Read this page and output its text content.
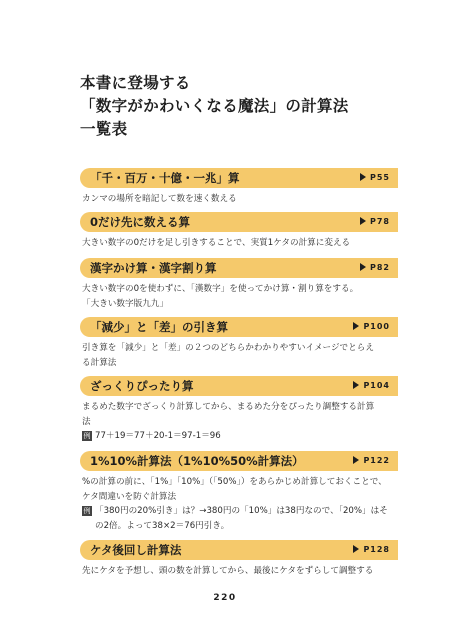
本書に登場する
「数字がかわいくなる魔法」の計算法
一覧表
「千・百万・十億・一兆」算	P55
カンマの場所を暗記して数を速く数える
0だけ先に数える算	P78
大きい数字の0だけを足し引きすることで、実質1ケタの計算に変える
漢字かけ算・漢字割り算	P82
大きい数字の0を使わずに、「漢数字」を使ってかけ算・割り算をする。
「大きい数字版九九」
「減少」と「差」の引き算	P100
引き算を「減少」と「差」の２つのどちらかわかりやすいイメージでとらえ
る計算法
ざっくりぴったり算	P104
まるめた数字でざっくり計算してから、まるめた分をぴったり調整する計算
法
例 77＋19＝77＋20-1＝97-1＝96
1%10%計算法（1%10%50%計算法）	P122
%の計算の前に、「1%」「10%」（「50%」）をあらかじめ計算しておくことで、
ケタ間違いを防ぐ計算法
例 「380円の20%引き」は？→380円の「10%」は38円なので、「20%」はそ
の2倍。よって38×2＝76円引き。
ケタ後回し計算法	P128
先にケタを予想し、頭の数を計算してから、最後にケタをずらして調整する
220
